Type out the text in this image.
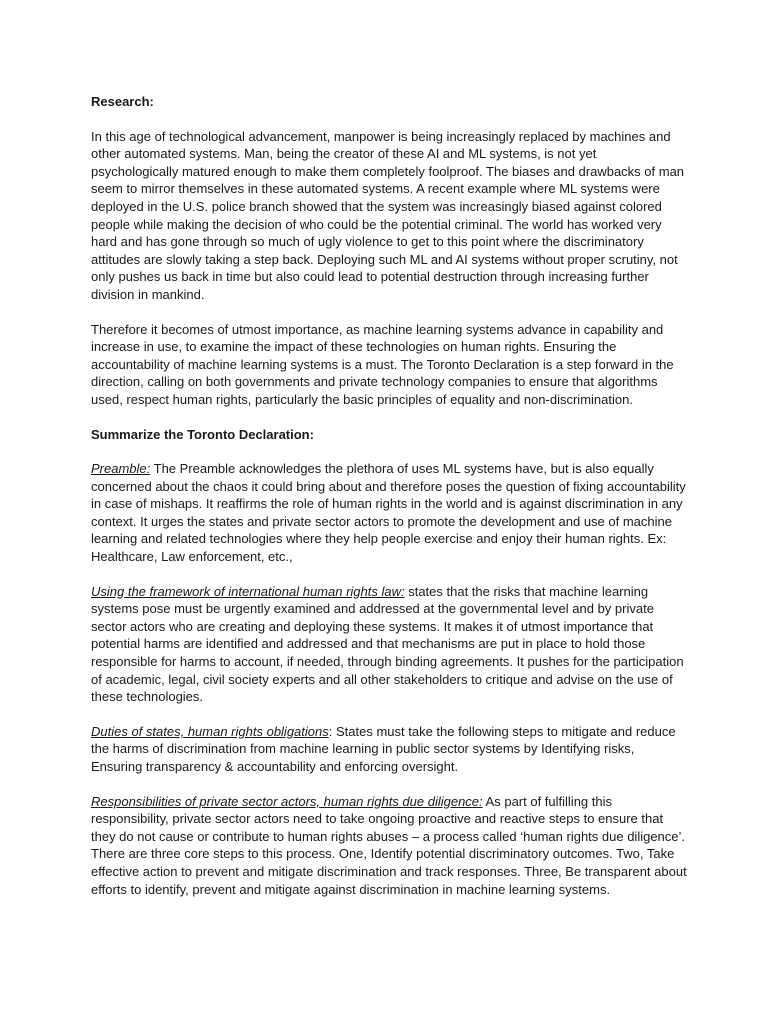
Research:

In this age of technological advancement, manpower is being increasingly replaced by machines and other automated systems. Man, being the creator of these AI and ML systems, is not yet psychologically matured enough to make them completely foolproof. The biases and drawbacks of man seem to mirror themselves in these automated systems. A recent example where ML systems were deployed in the U.S. police branch showed that the system was increasingly biased against colored people while making the decision of who could be the potential criminal. The world has worked very hard and has gone through so much of ugly violence to get to this point where the discriminatory attitudes are slowly taking a step back. Deploying such ML and AI systems without proper scrutiny, not only pushes us back in time but also could lead to potential destruction through increasing further division in mankind.

Therefore it becomes of utmost importance, as machine learning systems advance in capability and increase in use, to examine the impact of these technologies on human rights. Ensuring the accountability of machine learning systems is a must. The Toronto Declaration is a step forward in the direction, calling on both governments and private technology companies to ensure that algorithms used, respect human rights, particularly the basic principles of equality and non-discrimination.

Summarize the Toronto Declaration:

Preamble: The Preamble acknowledges the plethora of uses ML systems have, but is also equally concerned about the chaos it could bring about and therefore poses the question of fixing accountability in case of mishaps. It reaffirms the role of human rights in the world and is against discrimination in any context. It urges the states and private sector actors to promote the development and use of machine learning and related technologies where they help people exercise and enjoy their human rights. Ex: Healthcare, Law enforcement, etc.,

Using the framework of international human rights law: states that the risks that machine learning systems pose must be urgently examined and addressed at the governmental level and by private sector actors who are creating and deploying these systems. It makes it of utmost importance that potential harms are identified and addressed and that mechanisms are put in place to hold those responsible for harms to account, if needed, through binding agreements. It pushes for the participation of academic, legal, civil society experts and all other stakeholders to critique and advise on the use of these technologies.

Duties of states, human rights obligations: States must take the following steps to mitigate and reduce the harms of discrimination from machine learning in public sector systems by Identifying risks, Ensuring transparency & accountability and enforcing oversight.

Responsibilities of private sector actors, human rights due diligence: As part of fulfilling this responsibility, private sector actors need to take ongoing proactive and reactive steps to ensure that they do not cause or contribute to human rights abuses – a process called ‘human rights due diligence’. There are three core steps to this process. One, Identify potential discriminatory outcomes. Two, Take effective action to prevent and mitigate discrimination and track responses. Three, Be transparent about efforts to identify, prevent and mitigate against discrimination in machine learning systems.
